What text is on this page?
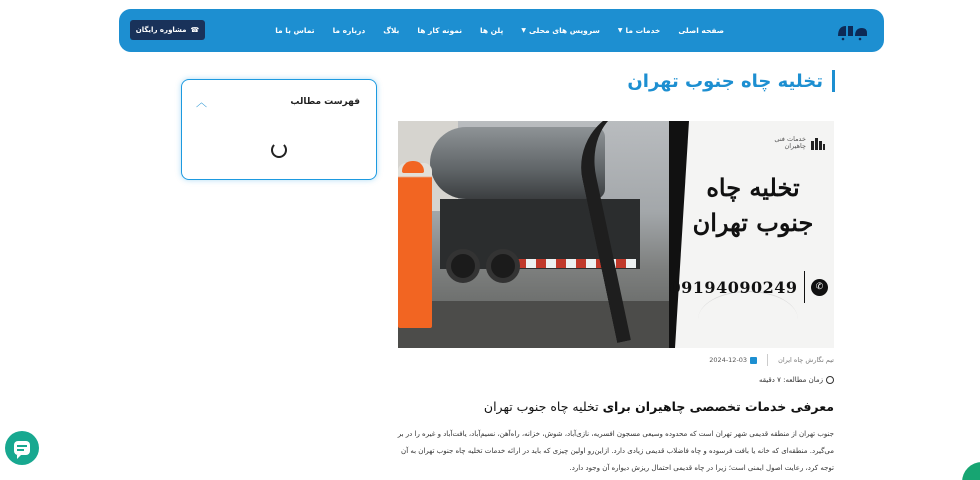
صفحه اصلی
خدمات ما
▼
سرویس های محلی
▼
پلن ها
نمونه کار ها
بلاگ
درباره ما
تماس با ما
☎
مشاوره رایگان
تخلیه چاه جنوب تهران
فهرست مطالب
︿
خدمات فنی
چاهیران
تخلیه چاه جنوب تهران
✆
09194090249
تیم نگارش چاه ایران
2024-12-03
زمان مطالعه: ۷ دقیقه
معرفی خدمات تخصصی چاهیران برای تخلیه چاه جنوب تهران
جنوب تهران از منطقه قدیمی شهر تهران است که محدوده وسیعی مسجون افسریه، نازی‌آباد، شوش، خزانه، راه‌آهن، نسیم‌آباد، یافت‌آباد و غیره را در بر می‌گیرد. منطقه‌ای که خانه یا بافت فرسوده و چاه فاضلاب قدیمی زیادی دارد. ازاین‌رو اولین چیزی که باید در ارائه خدمات تخلیه چاه جنوب تهران به آن توجه کرد، رعایت اصول ایمنی است؛ زیرا در چاه قدیمی احتمال ریزش دیواره آن وجود دارد.
